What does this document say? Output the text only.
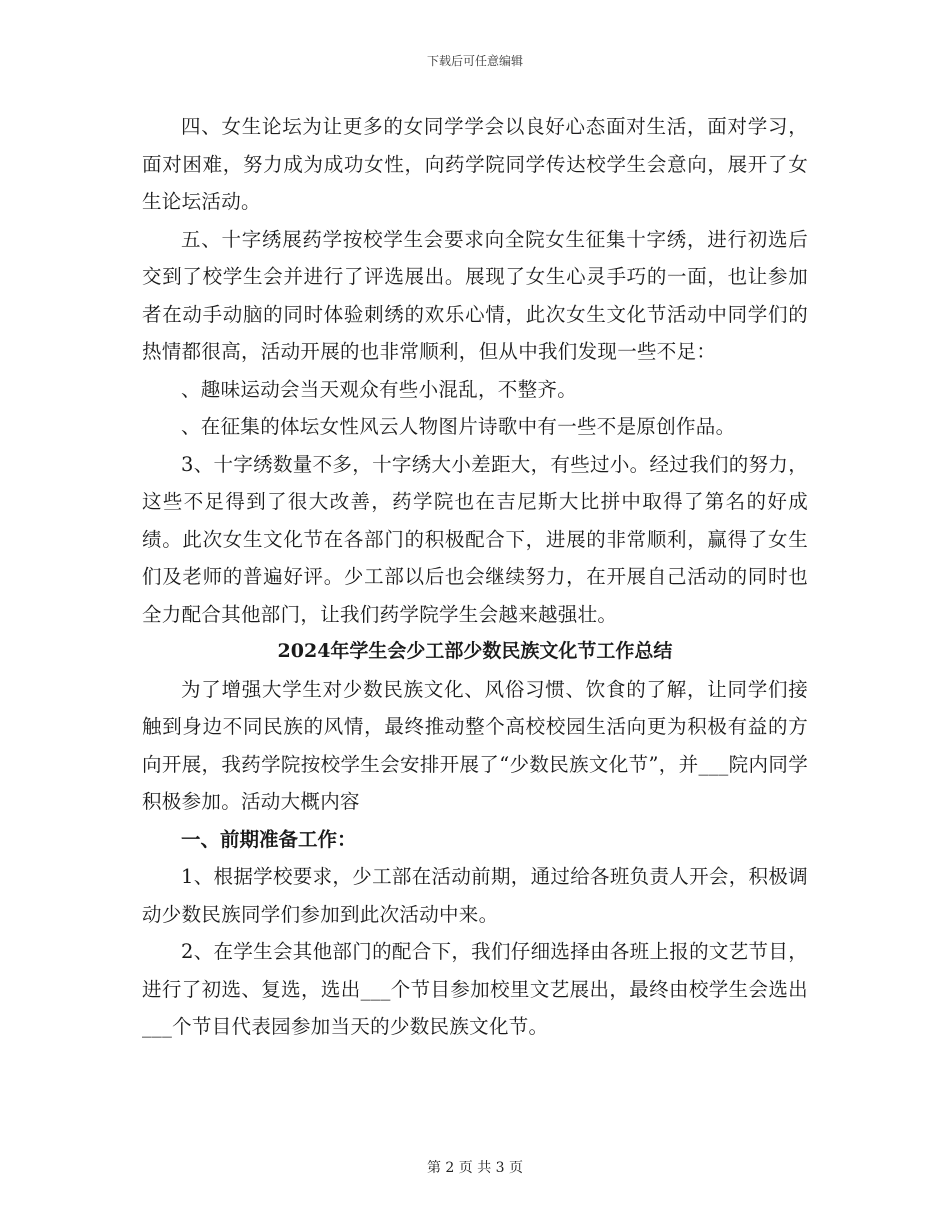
下载后可任意编辑

四、女生论坛为让更多的女同学学会以良好心态面对生活，面对学习，面对困难，努力成为成功女性，向药学院同学传达校学生会意向，展开了女生论坛活动。

五、十字绣展药学按校学生会要求向全院女生征集十字绣，进行初选后交到了校学生会并进行了评选展出。展现了女生心灵手巧的一面，也让参加者在动手动脑的同时体验刺绣的欢乐心情，此次女生文化节活动中同学们的热情都很高，活动开展的也非常顺利，但从中我们发现一些不足：

、趣味运动会当天观众有些小混乱，不整齐。

、在征集的体坛女性风云人物图片诗歌中有一些不是原创作品。

3、十字绣数量不多，十字绣大小差距大，有些过小。经过我们的努力，这些不足得到了很大改善，药学院也在吉尼斯大比拼中取得了第名的好成绩。此次女生文化节在各部门的积极配合下，进展的非常顺利，赢得了女生们及老师的普遍好评。少工部以后也会继续努力，在开展自己活动的同时也全力配合其他部门，让我们药学院学生会越来越强壮。

2024年学生会少工部少数民族文化节工作总结

为了增强大学生对少数民族文化、风俗习惯、饮食的了解，让同学们接触到身边不同民族的风情，最终推动整个高校校园生活向更为积极有益的方向开展，我药学院按校学生会安排开展了“少数民族文化节”，并___院内同学积极参加。活动大概内容

一、前期准备工作：

1、根据学校要求，少工部在活动前期，通过给各班负责人开会，积极调动少数民族同学们参加到此次活动中来。

2、在学生会其他部门的配合下，我们仔细选择由各班上报的文艺节目，进行了初选、复选，选出___个节目参加校里文艺展出，最终由校学生会选出___个节目代表园参加当天的少数民族文化节。

第 2 页 共 3 页
